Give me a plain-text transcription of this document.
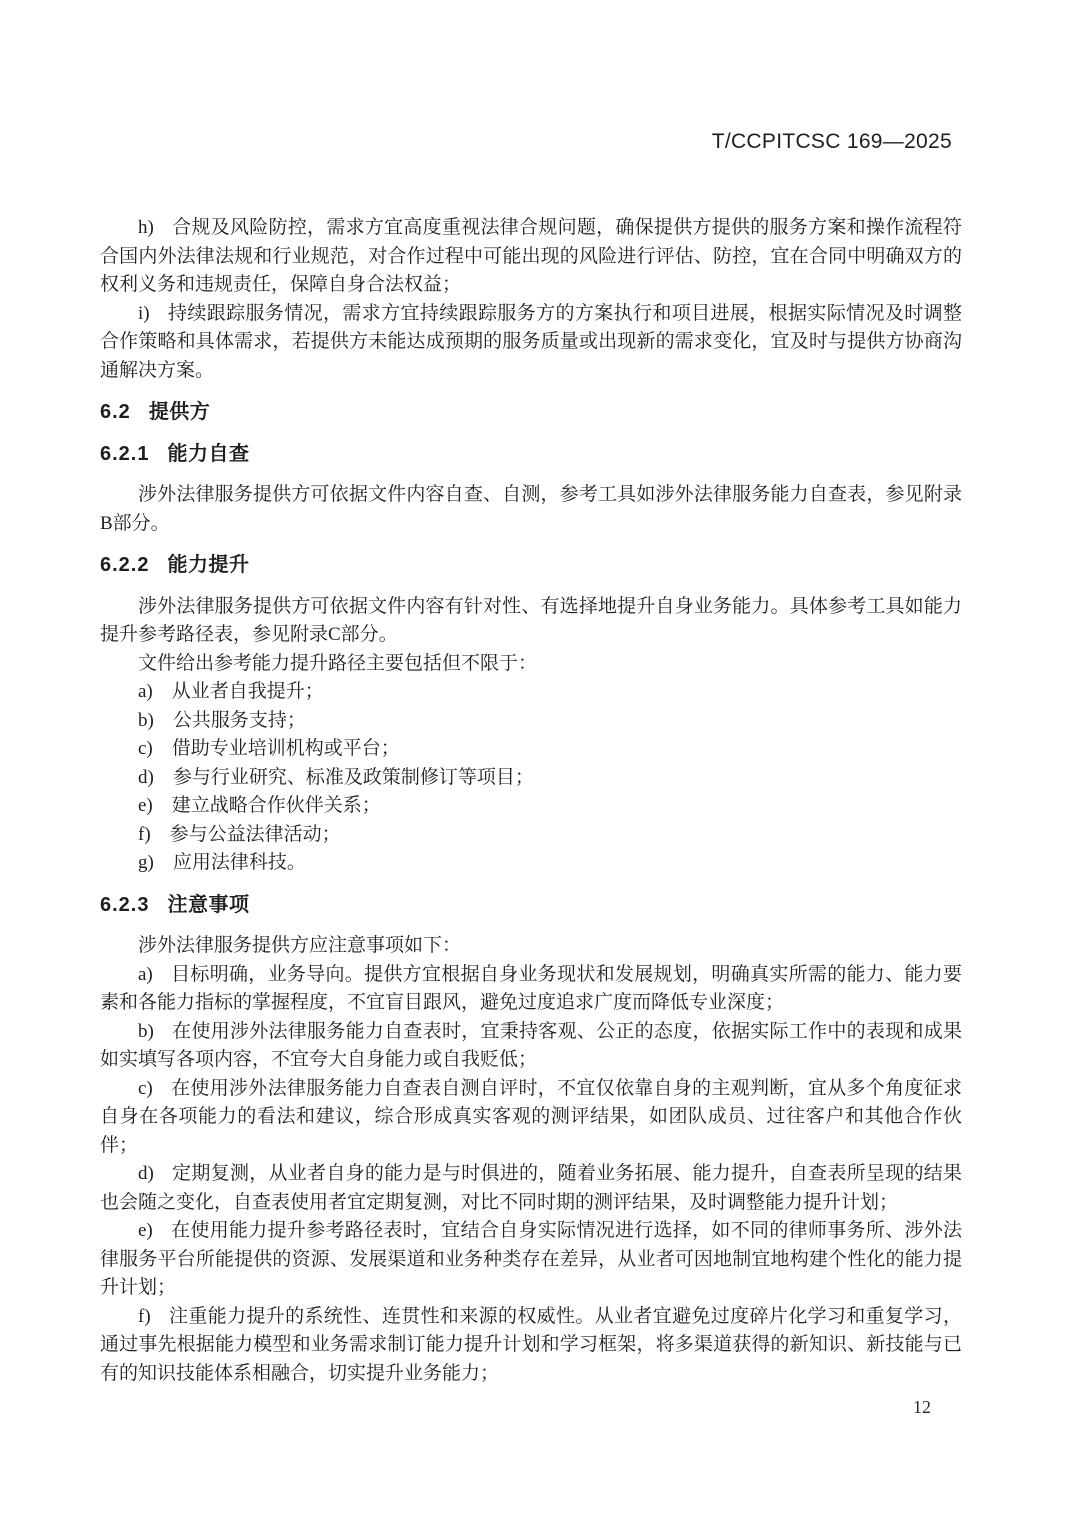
T/CCPITCSC 169—2025

h) 合规及风险防控，需求方宜高度重视法律合规问题，确保提供方提供的服务方案和操作流程符合国内外法律法规和行业规范，对合作过程中可能出现的风险进行评估、防控，宜在合同中明确双方的权利义务和违规责任，保障自身合法权益；

i) 持续跟踪服务情况，需求方宜持续跟踪服务方的方案执行和项目进展，根据实际情况及时调整合作策略和具体需求，若提供方未能达成预期的服务质量或出现新的需求变化，宜及时与提供方协商沟通解决方案。

6.2 提供方
6.2.1 能力自查

涉外法律服务提供方可依据文件内容自查、自测，参考工具如涉外法律服务能力自查表，参见附录B部分。

6.2.2 能力提升

涉外法律服务提供方可依据文件内容有针对性、有选择地提升自身业务能力。具体参考工具如能力提升参考路径表，参见附录C部分。

文件给出参考能力提升路径主要包括但不限于：

a) 从业者自我提升；
b) 公共服务支持；
c) 借助专业培训机构或平台；
d) 参与行业研究、标准及政策制修订等项目；
e) 建立战略合作伙伴关系；
f) 参与公益法律活动；
g) 应用法律科技。
6.2.3 注意事项

涉外法律服务提供方应注意事项如下：

a) 目标明确，业务导向。提供方宜根据自身业务现状和发展规划，明确真实所需的能力、能力要素和各能力指标的掌握程度，不宜盲目跟风，避免过度追求广度而降低专业深度；

b) 在使用涉外法律服务能力自查表时，宜秉持客观、公正的态度，依据实际工作中的表现和成果如实填写各项内容，不宜夸大自身能力或自我贬低；

c) 在使用涉外法律服务能力自查表自测自评时，不宜仅依靠自身的主观判断，宜从多个角度征求自身在各项能力的看法和建议，综合形成真实客观的测评结果，如团队成员、过往客户和其他合作伙伴；

d) 定期复测，从业者自身的能力是与时俱进的，随着业务拓展、能力提升，自查表所呈现的结果也会随之变化，自查表使用者宜定期复测，对比不同时期的测评结果，及时调整能力提升计划；

e) 在使用能力提升参考路径表时，宜结合自身实际情况进行选择，如不同的律师事务所、涉外法律服务平台所能提供的资源、发展渠道和业务种类存在差异，从业者可因地制宜地构建个性化的能力提升计划；

f) 注重能力提升的系统性、连贯性和来源的权威性。从业者宜避免过度碎片化学习和重复学习，通过事先根据能力模型和业务需求制订能力提升计划和学习框架，将多渠道获得的新知识、新技能与已有的知识技能体系相融合，切实提升业务能力；

12
